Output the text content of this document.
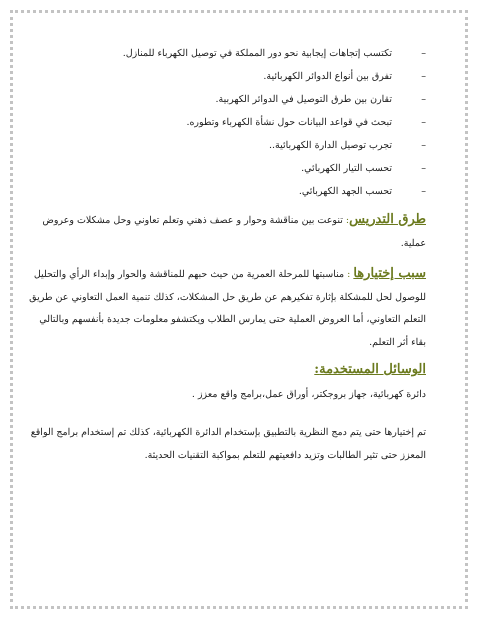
–
تكتسب إتجاهات إيجابية نحو دور المملكة في توصيل الكهرباء للمنازل.
–
تفرق بين أنواع الدوائر الكهربائية.
–
تقارن بين طرق التوصيل في الدوائر الكهربية.
–
تبحث في قواعد البيانات حول نشأة الكهرباء وتطوره.
–
تجرب توصيل الدارة الكهربائية..
–
تحسب التيار الكهربائي.
–
تحسب الجهد الكهربائي.

طرق التدريس: تنوعت بين مناقشة وحوار و عصف ذهني وتعلم تعاوني وحل مشكلات وعروض عملية.

سبب إختيارها : مناسبتها للمرحلة العمرية من حيث حبهم للمناقشة والحوار وإبداء الرأي والتحليل للوصول لحل للمشكلة بإثارة تفكيرهم عن طريق حل المشكلات، كذلك تنمية العمل التعاوني عن طريق التعلم التعاوني، أما العروض العملية حتى يمارس الطلاب ويكتشفو معلومات جديدة بأنفسهم وبالتالي بقاء أثر التعلم.

الوسائل المستخدمة:

دائرة كهربائية، جهاز بروجكتر، أوراق عمل،برامج واقع معزز .

تم إختيارها حتى يتم دمج النظرية بالتطبيق بإستخدام الدائرة الكهربائية، كذلك تم إستخدام برامج الواقع المعزز حتى تثير الطالبات وتزيد دافعيتهم للتعلم بمواكبة التقنيات الحديثة.
